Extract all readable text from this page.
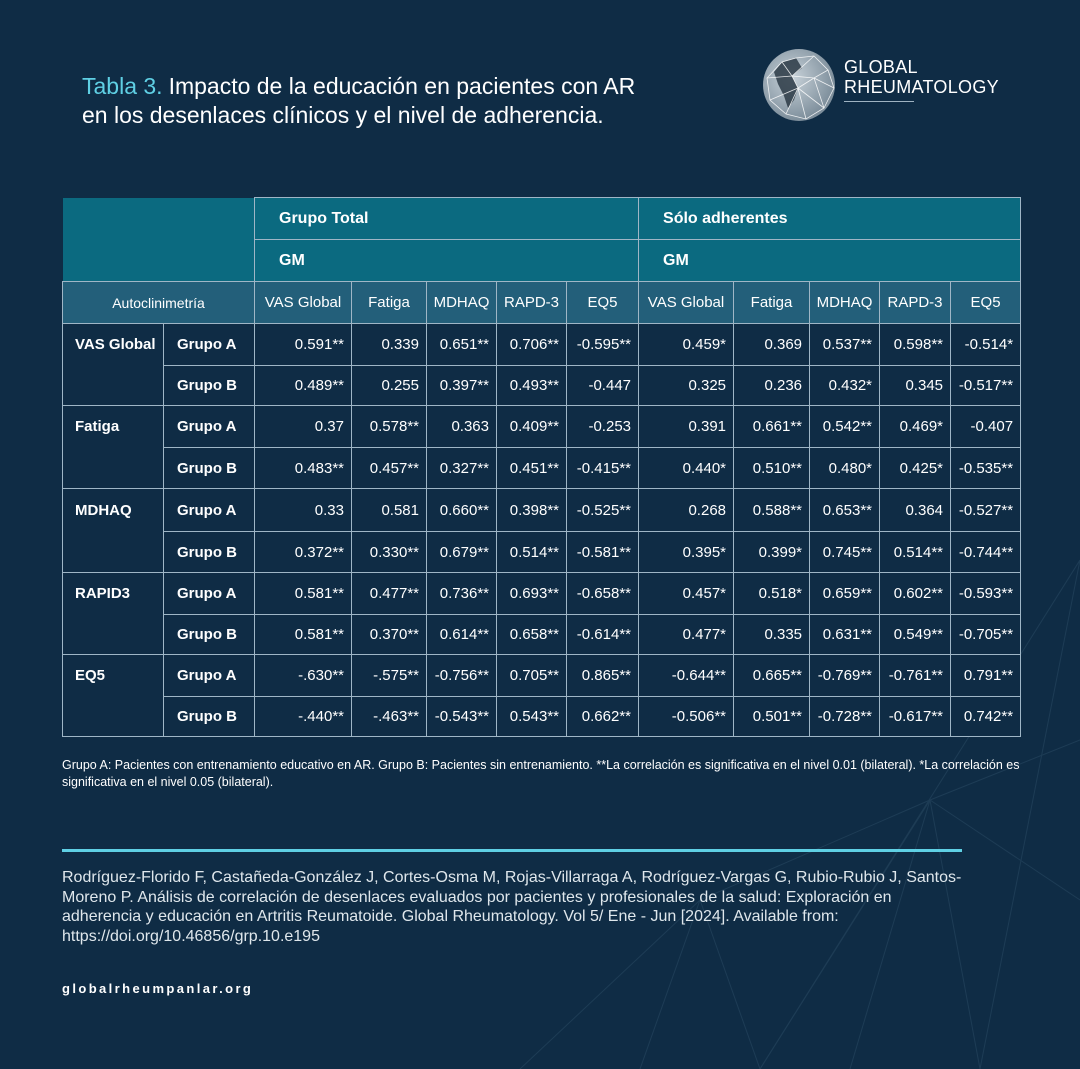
Tabla 3. Impacto de la educación en pacientes con AR
en los desenlaces clínicos y el nivel de adherencia.
GLOBAL
RHEUMATOLOGY
		Grupo Total					Sólo adherentes				
		GM					GM				
Autoclinimetría		VAS Global	Fatiga	MDHAQ	RAPD-3	EQ5	VAS Global	Fatiga	MDHAQ	RAPD-3	EQ5
VAS Global	Grupo A	0.591**	0.339	0.651**	0.706**	-0.595**	0.459*	0.369	0.537**	0.598**	-0.514*
	Grupo B	0.489**	0.255	0.397**	0.493**	-0.447	0.325	0.236	0.432*	0.345	-0.517**
Fatiga	Grupo A	0.37	0.578**	0.363	0.409**	-0.253	0.391	0.661**	0.542**	0.469*	-0.407
	Grupo B	0.483**	0.457**	0.327**	0.451**	-0.415**	0.440*	0.510**	0.480*	0.425*	-0.535**
MDHAQ	Grupo A	0.33	0.581	0.660**	0.398**	-0.525**	0.268	0.588**	0.653**	0.364	-0.527**
	Grupo B	0.372**	0.330**	0.679**	0.514**	-0.581**	0.395*	0.399*	0.745**	0.514**	-0.744**
RAPID3	Grupo A	0.581**	0.477**	0.736**	0.693**	-0.658**	0.457*	0.518*	0.659**	0.602**	-0.593**
	Grupo B	0.581**	0.370**	0.614**	0.658**	-0.614**	0.477*	0.335	0.631**	0.549**	-0.705**
EQ5	Grupo A	-.630**	-.575**	-0.756**	0.705**	0.865**	-0.644**	0.665**	-0.769**	-0.761**	0.791**
	Grupo B	-.440**	-.463**	-0.543**	0.543**	0.662**	-0.506**	0.501**	-0.728**	-0.617**	0.742**
Grupo A: Pacientes con entrenamiento educativo en AR. Grupo B: Pacientes sin entrenamiento. **La correlación es significativa en el nivel 0.01 (bilateral). *La correlación es significativa en el nivel 0.05 (bilateral).
Rodríguez-Florido F, Castañeda-González J, Cortes-Osma M, Rojas-Villarraga A, Rodríguez-Vargas G, Rubio-Rubio J, Santos-Moreno P. Análisis de correlación de desenlaces evaluados por pacientes y profesionales de la salud: Exploración en adherencia y educación en Artritis Reumatoide. Global Rheumatology. Vol 5/ Ene - Jun [2024]. Available from: https://doi.org/10.46856/grp.10.e195
globalrheumpanlar.org
